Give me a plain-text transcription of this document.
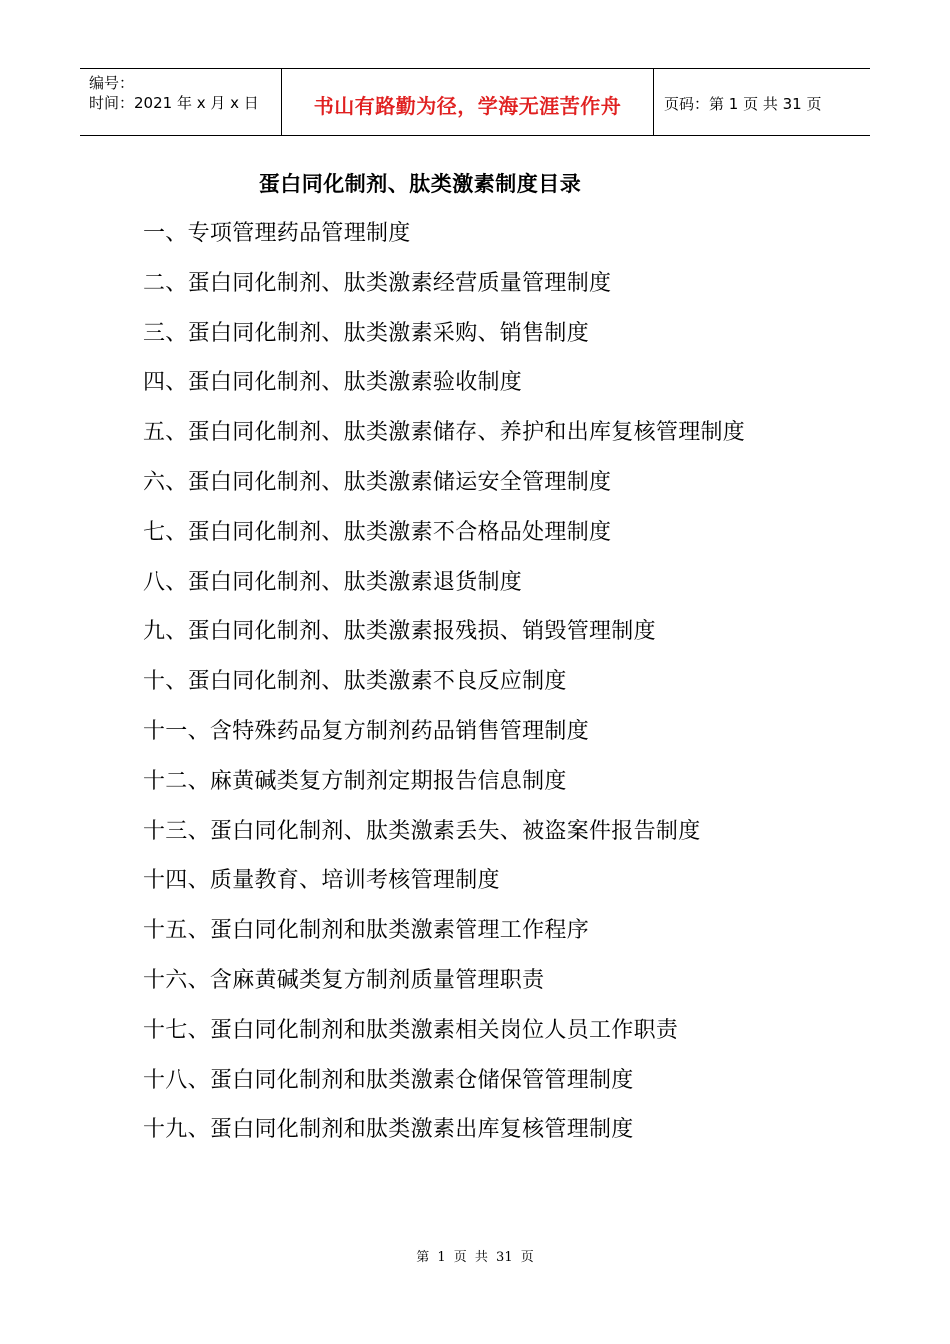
编号：
时间：2021 年 x 月 x 日	书山有路勤为径，学海无涯苦作舟	页码：第 1 页 共 31 页
蛋白同化制剂、肽类激素制度目录
一、专项管理药品管理制度
二、蛋白同化制剂、肽类激素经营质量管理制度
三、蛋白同化制剂、肽类激素采购、销售制度
四、蛋白同化制剂、肽类激素验收制度
五、蛋白同化制剂、肽类激素储存、养护和出库复核管理制度
六、蛋白同化制剂、肽类激素储运安全管理制度
七、蛋白同化制剂、肽类激素不合格品处理制度
八、蛋白同化制剂、肽类激素退货制度
九、蛋白同化制剂、肽类激素报残损、销毁管理制度
十、蛋白同化制剂、肽类激素不良反应制度
十一、含特殊药品复方制剂药品销售管理制度
十二、麻黄碱类复方制剂定期报告信息制度
十三、蛋白同化制剂、肽类激素丢失、被盗案件报告制度
十四、质量教育、培训考核管理制度
十五、蛋白同化制剂和肽类激素管理工作程序
十六、含麻黄碱类复方制剂质量管理职责
十七、蛋白同化制剂和肽类激素相关岗位人员工作职责
十八、蛋白同化制剂和肽类激素仓储保管管理制度
十九、蛋白同化制剂和肽类激素出库复核管理制度
第 1 页 共 31 页
